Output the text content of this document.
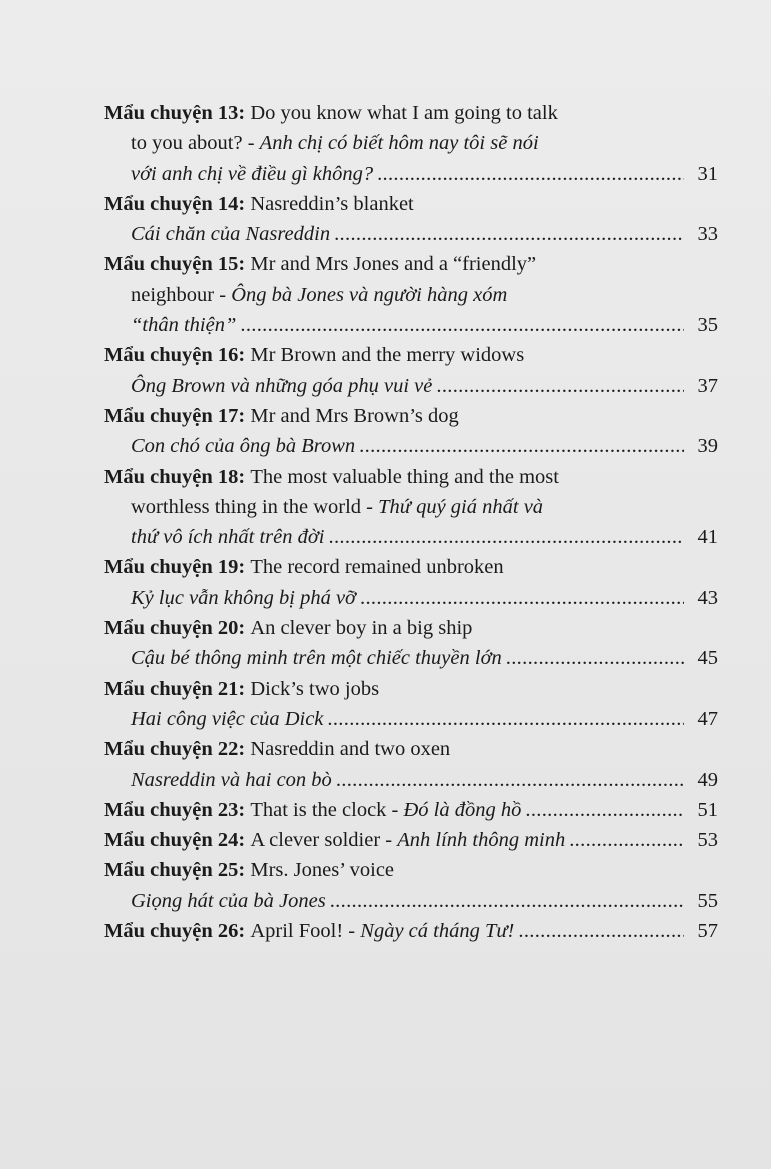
Mẩu chuyện 13:
Do you know what I am going to talk
to you about? - Anh chị có biết hôm nay tôi sẽ nói
với anh chị về điều gì không? . . .	31
Mẩu chuyện 14:
Nasreddin’s blanket
Cái chăn của Nasreddin . . .	33
Mẩu chuyện 15:
Mr and Mrs Jones and a “friendly”
neighbour - Ông bà Jones và người hàng xóm
“thân thiện” . . .	35
Mẩu chuyện 16:
Mr Brown and the merry widows
Ông Brown và những góa phụ vui vẻ . . .	37
Mẩu chuyện 17:
Mr and Mrs Brown’s dog
Con chó của ông bà Brown . . .	39
Mẩu chuyện 18:
The most valuable thing and the most
worthless thing in the world - Thứ quý giá nhất và
thứ vô ích nhất trên đời . . .	41
Mẩu chuyện 19:
The record remained unbroken
Kỷ lục vẫn không bị phá vỡ . . .	43
Mẩu chuyện 20:
An clever boy in a big ship
Cậu bé thông minh trên một chiếc thuyền lớn . . .	45
Mẩu chuyện 21:
Dick’s two jobs
Hai công việc của Dick . . .	47
Mẩu chuyện 22:
Nasreddin and two oxen
Nasreddin và hai con bò . . .	49
Mẩu chuyện 23:
That is the clock - Đó là đồng hồ . . .	51
Mẩu chuyện 24:
A clever soldier - Anh lính thông minh . . .	53
Mẩu chuyện 25:
Mrs. Jones’ voice
Giọng hát của bà Jones . . .	55
Mẩu chuyện 26:
April Fool! - Ngày cá tháng Tư! . . .	57
